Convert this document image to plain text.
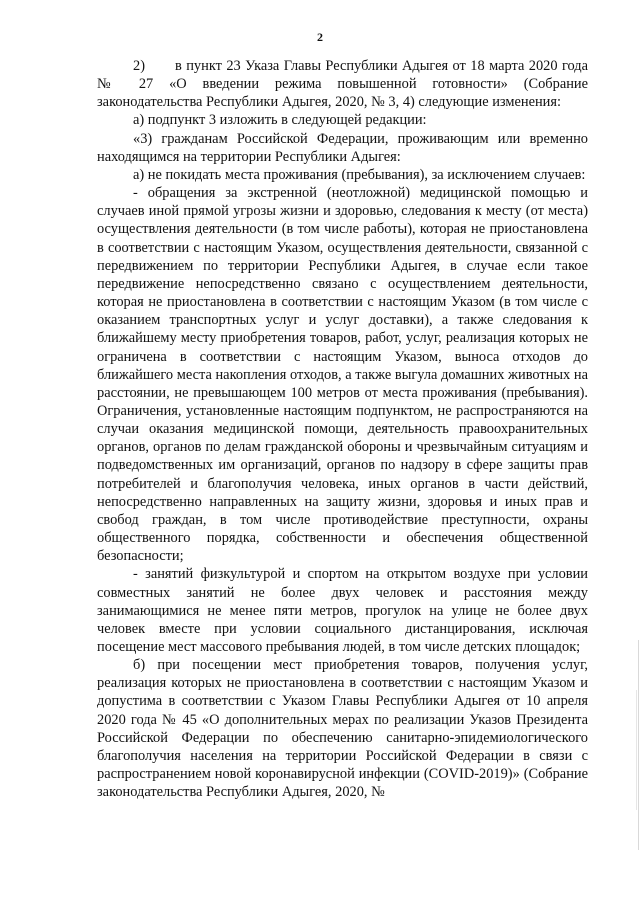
2

2) в пункт 23 Указа Главы Республики Адыгея от 18 марта 2020 года № 27 «О введении режима повышенной готовности» (Собрание законодательства Республики Адыгея, 2020, № 3, 4) следующие изменения:

а) подпункт 3 изложить в следующей редакции:

«3) гражданам Российской Федерации, проживающим или временно находящимся на территории Республики Адыгея:

а) не покидать места проживания (пребывания), за исключением случаев:

- обращения за экстренной (неотложной) медицинской помощью и случаев иной прямой угрозы жизни и здоровью, следования к месту (от места) осуществления деятельности (в том числе работы), которая не приостановлена в соответствии с настоящим Указом, осуществления деятельности, связанной с передвижением по территории Республики Адыгея, в случае если такое передвижение непосредственно связано с осуществлением деятельности, которая не приостановлена в соответствии с настоящим Указом (в том числе с оказанием транспортных услуг и услуг доставки), а также следования к ближайшему месту приобретения товаров, работ, услуг, реализация которых не ограничена в соответствии с настоящим Указом, выноса отходов до ближайшего места накопления отходов, а также выгула домашних животных на расстоянии, не превышающем 100 метров от места проживания (пребывания). Ограничения, установленные настоящим подпунктом, не распространяются на случаи оказания медицинской помощи, деятельность правоохранительных органов, органов по делам гражданской обороны и чрезвычайным ситуациям и подведомственных им организаций, органов по надзору в сфере защиты прав потребителей и благополучия человека, иных органов в части действий, непосредственно направленных на защиту жизни, здоровья и иных прав и свобод граждан, в том числе противодействие преступности, охраны общественного порядка, собственности и обеспечения общественной безопасности;

- занятий физкультурой и спортом на открытом воздухе при условии совместных занятий не более двух человек и расстояния между занимающимися не менее пяти метров, прогулок на улице не более двух человек вместе при условии социального дистанцирования, исключая посещение мест массового пребывания людей, в том числе детских площадок;

б) при посещении мест приобретения товаров, получения услуг, реализация которых не приостановлена в соответствии с настоящим Указом и допустима в соответствии с Указом Главы Республики Адыгея от 10 апреля 2020 года № 45 «О дополнительных мерах по реализации Указов Президента Российской Федерации по обеспечению санитарно-эпидемиологического благополучия населения на территории Российской Федерации в связи с распространением новой коронавирусной инфекции (COVID-2019)» (Собрание законодательства Республики Адыгея, 2020, №
